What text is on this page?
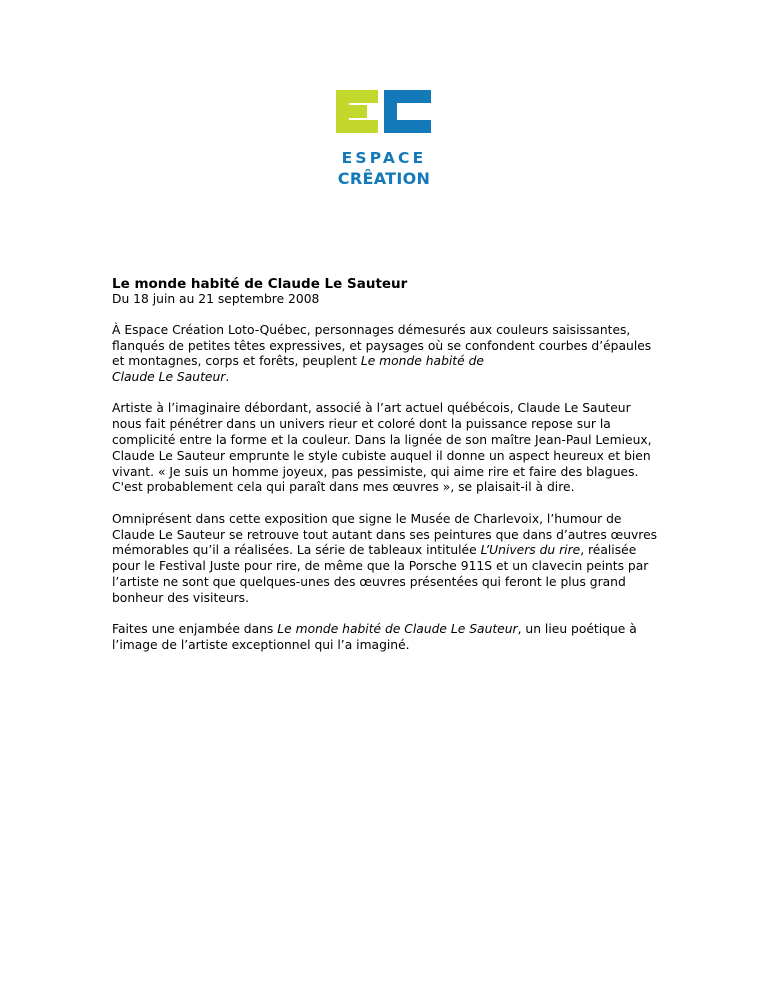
ESPACE
CRÊATION
Le monde habité de Claude Le Sauteur
Du 18 juin au 21 septembre 2008

À Espace Création Loto-Québec, personnages démesurés aux couleurs saisissantes, flanqués de petites têtes expressives, et paysages où se confondent courbes d’épaules et montagnes, corps et forêts, peuplent Le monde habité de
Claude Le Sauteur.

Artiste à l’imaginaire débordant, associé à l’art actuel québécois, Claude Le Sauteur nous fait pénétrer dans un univers rieur et coloré dont la puissance repose sur la complicité entre la forme et la couleur. Dans la lignée de son maître Jean-Paul Lemieux, Claude Le Sauteur emprunte le style cubiste auquel il donne un aspect heureux et bien vivant. « Je suis un homme joyeux, pas pessimiste, qui aime rire et faire des blagues. C'est probablement cela qui paraît dans mes œuvres », se plaisait-il à dire.

Omniprésent dans cette exposition que signe le Musée de Charlevoix, l’humour de Claude Le Sauteur se retrouve tout autant dans ses peintures que dans d’autres œuvres mémorables qu’il a réalisées. La série de tableaux intitulée L’Univers du rire, réalisée pour le Festival Juste pour rire, de même que la Porsche 911S et un clavecin peints par l’artiste ne sont que quelques-unes des œuvres présentées qui feront le plus grand bonheur des visiteurs.

Faites une enjambée dans Le monde habité de Claude Le Sauteur, un lieu poétique à l’image de l’artiste exceptionnel qui l’a imaginé.
